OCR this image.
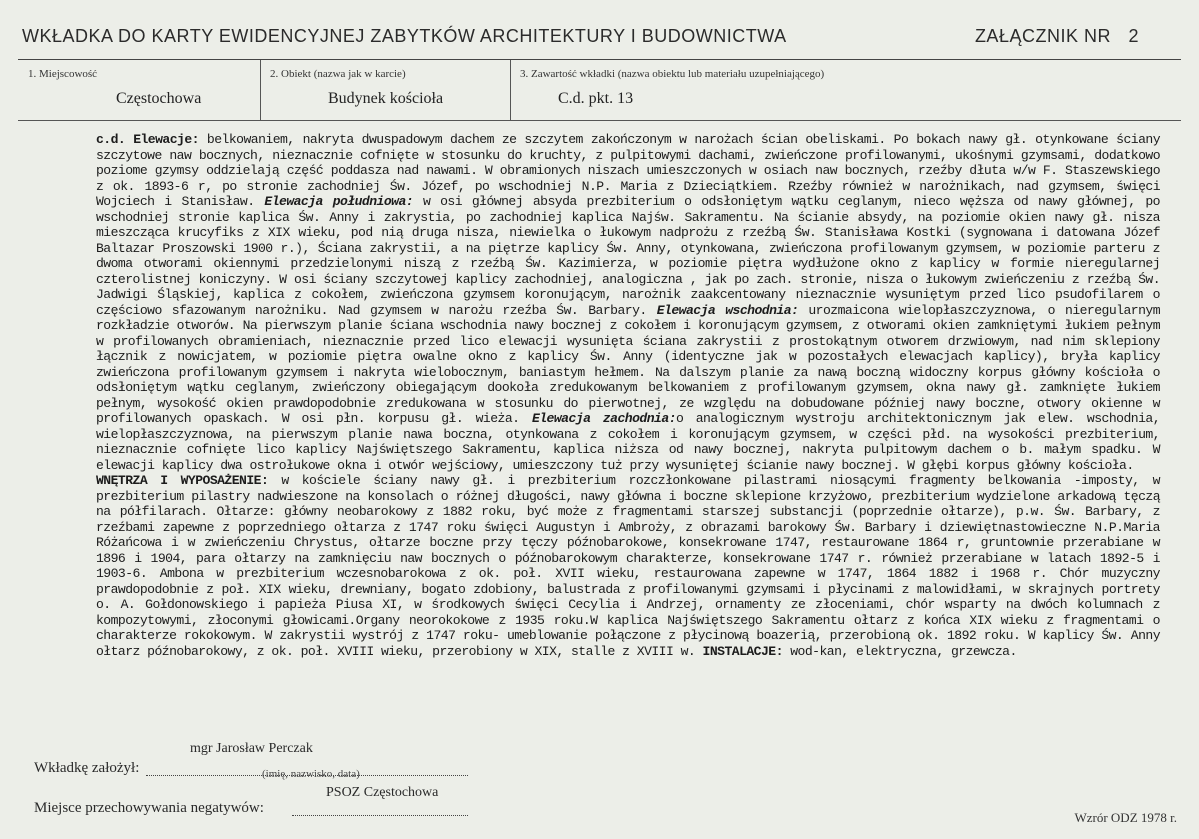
WKŁADKA DO KARTY EWIDENCYJNEJ ZABYTKÓW ARCHITEKTURY I BUDOWNICTWA	ZAŁĄCZNIK NR 2
1. Miejscowość
Częstochowa
2. Obiekt (nazwa jak w karcie)
Budynek kościoła
3. Zawartość wkładki (nazwa obiektu lub materiału uzupełniającego)
C.d. pkt. 13

c.d. Elewacje: belkowaniem, nakryta dwuspadowym dachem ze szczytem zakończonym w narożach ścian obeliskami. Po bokach nawy gł. otynkowane ściany szczytowe naw bocznych, nieznacznie cofnięte w stosunku do kruchty, z pulpitowymi dachami, zwieńczone profilowanymi, ukośnymi gzymsami, dodatkowo poziome gzymsy oddzielają część poddasza nad nawami. W obramionych niszach umieszczonych w osiach naw bocznych, rzeźby dłuta w/w F. Staszewskiego z ok. 1893-6 r, po stronie zachodniej Św. Józef, po wschodniej N.P. Maria z Dzieciątkiem. Rzeźby również w narożnikach, nad gzymsem, święci Wojciech i Stanisław. Elewacja południowa: w osi głównej absyda prezbiterium o odsłoniętym wątku ceglanym, nieco węższa od nawy głównej, po wschodniej stronie kaplica Św. Anny i zakrystia, po zachodniej kaplica Najśw. Sakramentu. Na ścianie absydy, na poziomie okien nawy gł. nisza mieszcząca krucyfiks z XIX wieku, pod nią druga nisza, niewielka o łukowym nadprożu z rzeźbą Św. Stanisława Kostki (sygnowana i datowana Józef Baltazar Proszowski 1900 r.), Ściana zakrystii, a na piętrze kaplicy Św. Anny, otynkowana, zwieńczona profilowanym gzymsem, w poziomie parteru z dwoma otworami okiennymi przedzielonymi niszą z rzeźbą Św. Kazimierza, w poziomie piętra wydłużone okno z kaplicy w formie nieregularnej czterolistnej koniczyny. W osi ściany szczytowej kaplicy zachodniej, analogiczna , jak po zach. stronie, nisza o łukowym zwieńczeniu z rzeźbą Św. Jadwigi Śląskiej, kaplica z cokołem, zwieńczona gzymsem koronującym, narożnik zaakcentowany nieznacznie wysuniętym przed lico psudofilarem o częściowo sfazowanym narożniku. Nad gzymsem w narożu rzeźba Św. Barbary. Elewacja wschodnia: urozmaicona wielopłaszczyznowa, o nieregularnym rozkładzie otworów. Na pierwszym planie ściana wschodnia nawy bocznej z cokołem i koronującym gzymsem, z otworami okien zamkniętymi łukiem pełnym w profilowanych obramieniach, nieznacznie przed lico elewacji wysunięta ściana zakrystii z prostokątnym otworem drzwiowym, nad nim sklepiony łącznik z nowicjatem, w poziomie piętra owalne okno z kaplicy Św. Anny (identyczne jak w pozostałych elewacjach kaplicy), bryła kaplicy zwieńczona profilowanym gzymsem i nakryta wielobocznym, baniastym hełmem. Na dalszym planie za nawą boczną widoczny korpus główny kościoła o odsłoniętym wątku ceglanym, zwieńczony obiegającym dookoła zredukowanym belkowaniem z profilowanym gzymsem, okna nawy gł. zamknięte łukiem pełnym, wysokość okien prawdopodobnie zredukowana w stosunku do pierwotnej, ze względu na dobudowane później nawy boczne, otwory okienne w profilowanych opaskach. W osi płn. korpusu gł. wieża. Elewacja zachodnia:o analogicznym wystroju architektonicznym jak elew. wschodnia, wielopłaszczyznowa, na pierwszym planie nawa boczna, otynkowana z cokołem i koronującym gzymsem, w części płd. na wysokości prezbiterium, nieznacznie cofnięte lico kaplicy Najświętszego Sakramentu, kaplica niższa od nawy bocznej, nakryta pulpitowym dachem o b. małym spadku. W elewacji kaplicy dwa ostrołukowe okna i otwór wejściowy, umieszczony tuż przy wysuniętej ścianie nawy bocznej. W głębi korpus główny kościoła.

WNĘTRZA I WYPOSAŻENIE: w kościele ściany nawy gł. i prezbiterium rozczłonkowane pilastrami niosącymi fragmenty belkowania -imposty, w prezbiterium pilastry nadwieszone na konsolach o różnej długości, nawy główna i boczne sklepione krzyżowo, prezbiterium wydzielone arkadową tęczą na półfilarach. Ołtarze: główny neobarokowy z 1882 roku, być może z fragmentami starszej substancji (poprzednie ołtarze), p.w. Św. Barbary, z rzeźbami zapewne z poprzedniego ołtarza z 1747 roku święci Augustyn i Ambroży, z obrazami barokowy Św. Barbary i dziewiętnastowieczne N.P.Maria Różańcowa i w zwieńczeniu Chrystus, ołtarze boczne przy tęczy późnobarokowe, konsekrowane 1747, restaurowane 1864 r, gruntownie przerabiane w 1896 i 1904, para ołtarzy na zamknięciu naw bocznych o późnobarokowym charakterze, konsekrowane 1747 r. również przerabiane w latach 1892-5 i 1903-6. Ambona w prezbiterium wczesnobarokowa z ok. poł. XVII wieku, restaurowana zapewne w 1747, 1864 1882 i 1968 r. Chór muzyczny prawdopodobnie z poł. XIX wieku, drewniany, bogato zdobiony, balustrada z profilowanymi gzymsami i płycinami z malowidłami, w skrajnych portrety o. A. Gołdonowskiego i papieża Piusa XI, w środkowych święci Cecylia i Andrzej, ornamenty ze złoceniami, chór wsparty na dwóch kolumnach z kompozytowymi, złoconymi głowicami.Organy neorokokowe z 1935 roku.W kaplica Najświętszego Sakramentu ołtarz z końca XIX wieku z fragmentami o charakterze rokokowym. W zakrystii wystrój z 1747 roku- umeblowanie połączone z płycinową boazerią, przerobioną ok. 1892 roku. W kaplicy Św. Anny ołtarz późnobarokowy, z ok. poł. XVIII wieku, przerobiony w XIX, stalle z XVIII w. INSTALACJE: wod-kan, elektryczna, grzewcza.

Wkładkę założył:
mgr Jarosław Perczak
(imię, nazwisko, data)
Miejsce przechowywania negatywów:
PSOZ Częstochowa
Wzrór ODZ 1978 r.
